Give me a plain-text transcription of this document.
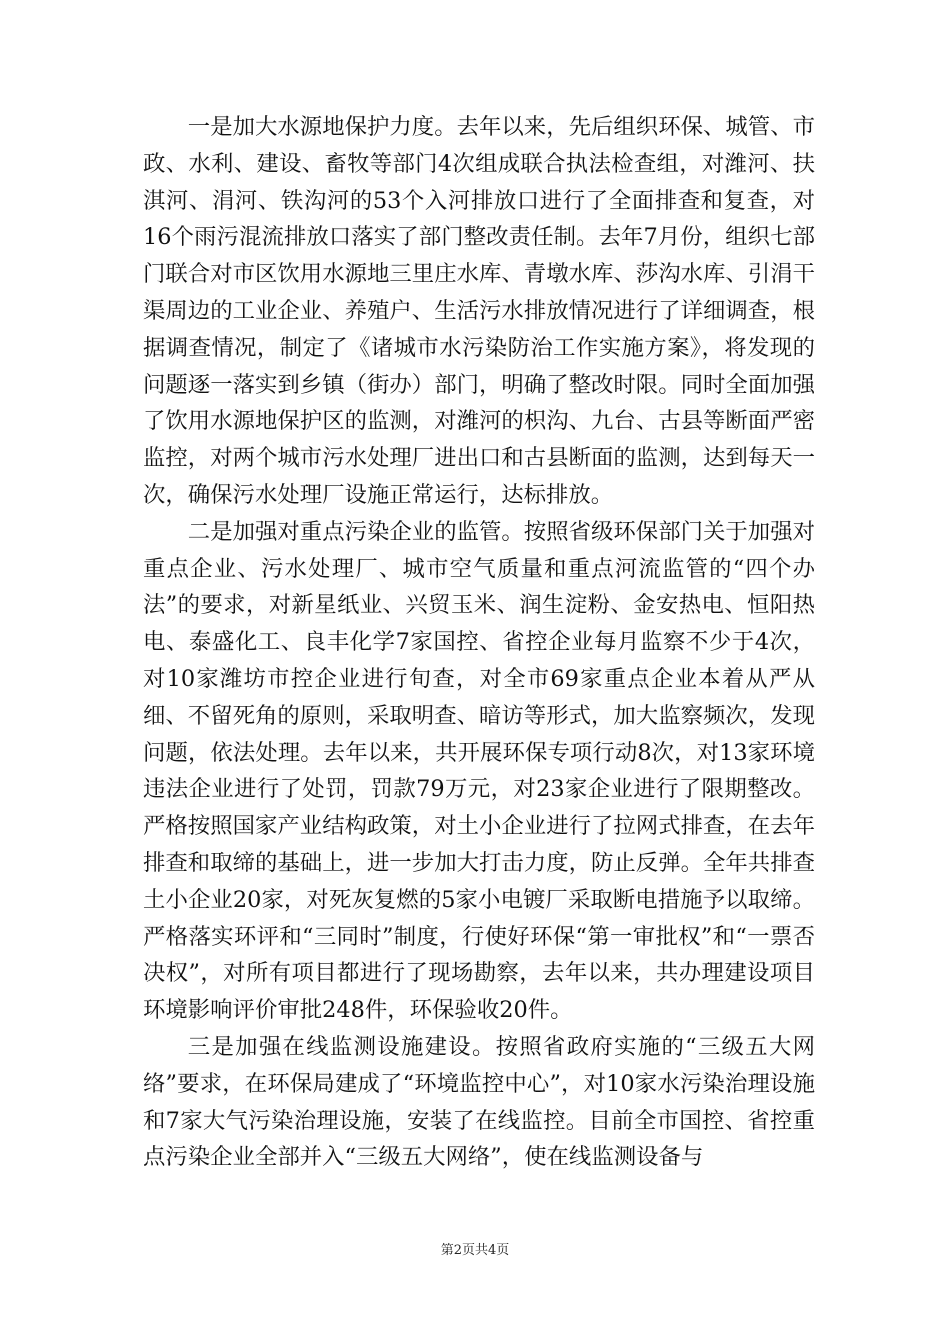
一是加大水源地保护力度。去年以来，先后组织环保、城管、市政、水利、建设、畜牧等部门4次组成联合执法检查组，对潍河、扶淇河、涓河、铁沟河的53个入河排放口进行了全面排查和复查，对16个雨污混流排放口落实了部门整改责任制。去年7月份，组织七部门联合对市区饮用水源地三里庄水库、青墩水库、莎沟水库、引涓干渠周边的工业企业、养殖户、生活污水排放情况进行了详细调查，根据调查情况，制定了《诸城市水污染防治工作实施方案》，将发现的问题逐一落实到乡镇（街办）部门，明确了整改时限。同时全面加强了饮用水源地保护区的监测，对潍河的枳沟、九台、古县等断面严密监控，对两个城市污水处理厂进出口和古县断面的监测，达到每天一次，确保污水处理厂设施正常运行，达标排放。

二是加强对重点污染企业的监管。按照省级环保部门关于加强对重点企业、污水处理厂、城市空气质量和重点河流监管的“四个办法”的要求，对新星纸业、兴贸玉米、润生淀粉、金安热电、恒阳热电、泰盛化工、良丰化学7家国控、省控企业每月监察不少于4次，对10家潍坊市控企业进行旬查，对全市69家重点企业本着从严从细、不留死角的原则，采取明查、暗访等形式，加大监察频次，发现问题，依法处理。去年以来，共开展环保专项行动8次，对13家环境违法企业进行了处罚，罚款79万元，对23家企业进行了限期整改。严格按照国家产业结构政策，对土小企业进行了拉网式排查，在去年排查和取缔的基础上，进一步加大打击力度，防止反弹。全年共排查土小企业20家，对死灰复燃的5家小电镀厂采取断电措施予以取缔。严格落实环评和“三同时”制度，行使好环保“第一审批权”和“一票否决权”，对所有项目都进行了现场勘察，去年以来，共办理建设项目环境影响评价审批248件，环保验收20件。

三是加强在线监测设施建设。按照省政府实施的“三级五大网络”要求，在环保局建成了“环境监控中心”，对10家水污染治理设施和7家大气污染治理设施，安装了在线监控。目前全市国控、省控重点污染企业全部并入“三级五大网络”，使在线监测设备与

第2页共4页
